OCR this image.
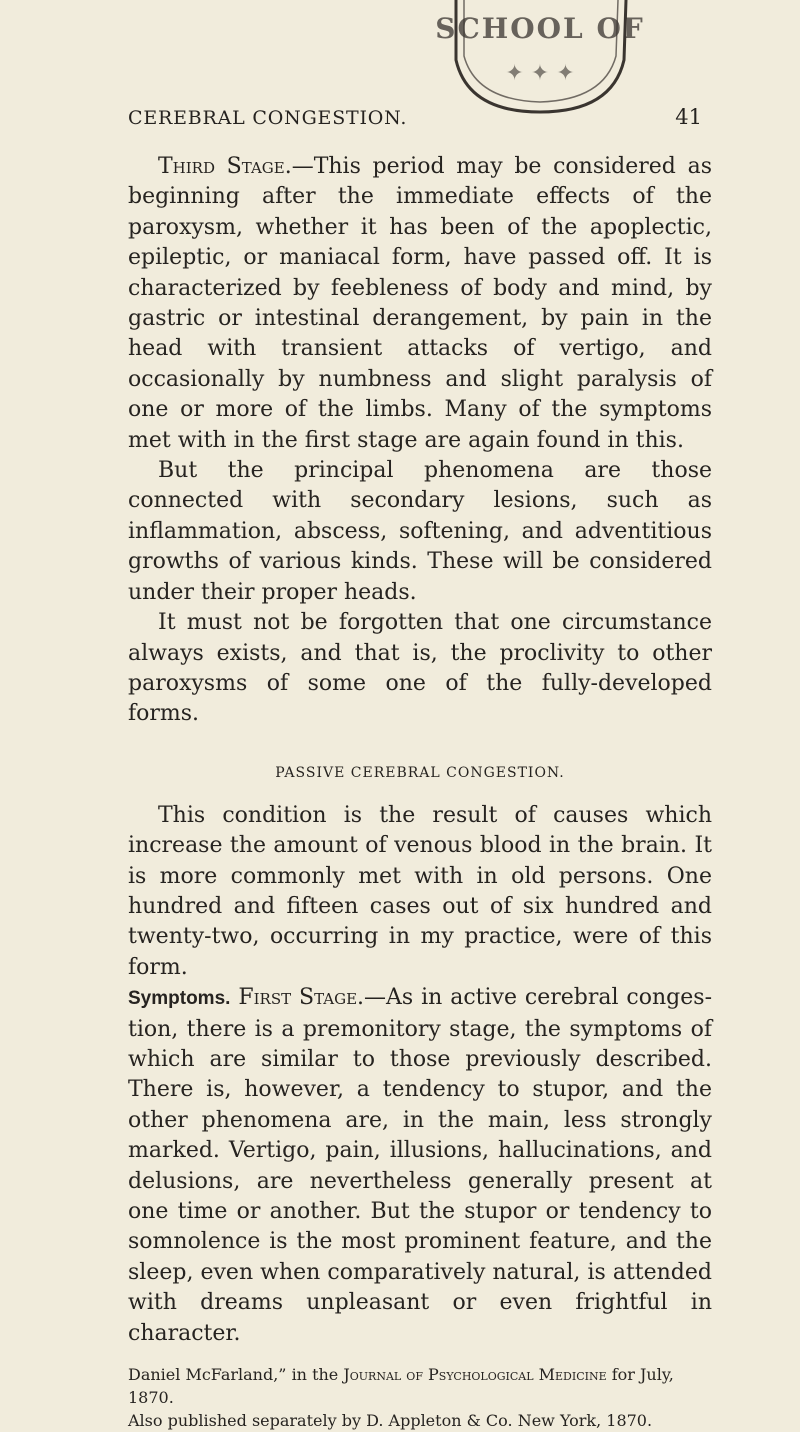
SCHOOL OF
✦ ✦ ✦
CEREBRAL CONGESTION.	41

Third Stage.—This period may be considered as beginning after the immediate effects of the paroxysm, whether it has been of the apoplectic, epileptic, or maniacal form, have passed off. It is characterized by feebleness of body and mind, by gastric or intestinal derangement, by pain in the head with transient attacks of vertigo, and occasionally by numbness and slight paralysis of one or more of the limbs. Many of the symptoms met with in the first stage are again found in this.

But the principal phenomena are those connected with secondary lesions, such as inflammation, abscess, softening, and adventitious growths of various kinds. These will be considered under their proper heads.

It must not be forgotten that one circumstance always exists, and that is, the proclivity to other paroxysms of some one of the fully-developed forms.

PASSIVE CEREBRAL CONGESTION.

This condition is the result of causes which increase the amount of venous blood in the brain. It is more commonly met with in old persons. One hundred and fifteen cases out of six hundred and twenty-two, occurring in my practice, were of this form.

Symptoms. First Stage.—As in active cerebral congestion, there is a premonitory stage, the symptoms of which are similar to those previously described. There is, however, a tendency to stupor, and the other phenomena are, in the main, less strongly marked. Vertigo, pain, illusions, hallucinations, and delusions, are nevertheless generally present at one time or another. But the stupor or tendency to somnolence is the most prominent feature, and the sleep, even when comparatively natural, is attended with dreams unpleasant or even frightful in character.

Daniel McFarland,” in the Journal of Psychological Medicine for July, 1870.

Also published separately by D. Appleton & Co. New York, 1870.
